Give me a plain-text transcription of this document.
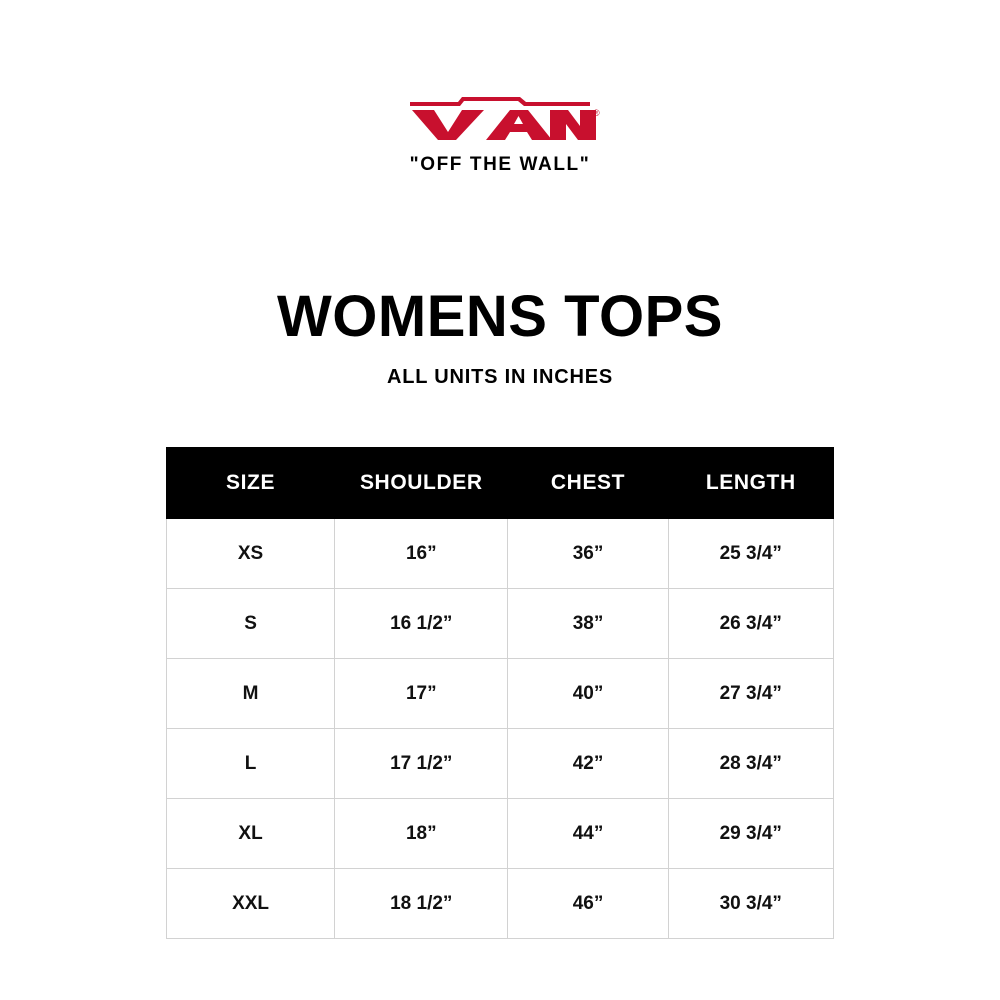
®
"OFF THE WALL"
WOMENS TOPS
ALL UNITS IN INCHES
SIZE	SHOULDER	CHEST	LENGTH
XS	16”	36”	25 3/4”
S	16 1/2”	38”	26 3/4”
M	17”	40”	27 3/4”
L	17 1/2”	42”	28 3/4”
XL	18”	44”	29 3/4”
XXL	18 1/2”	46”	30 3/4”
